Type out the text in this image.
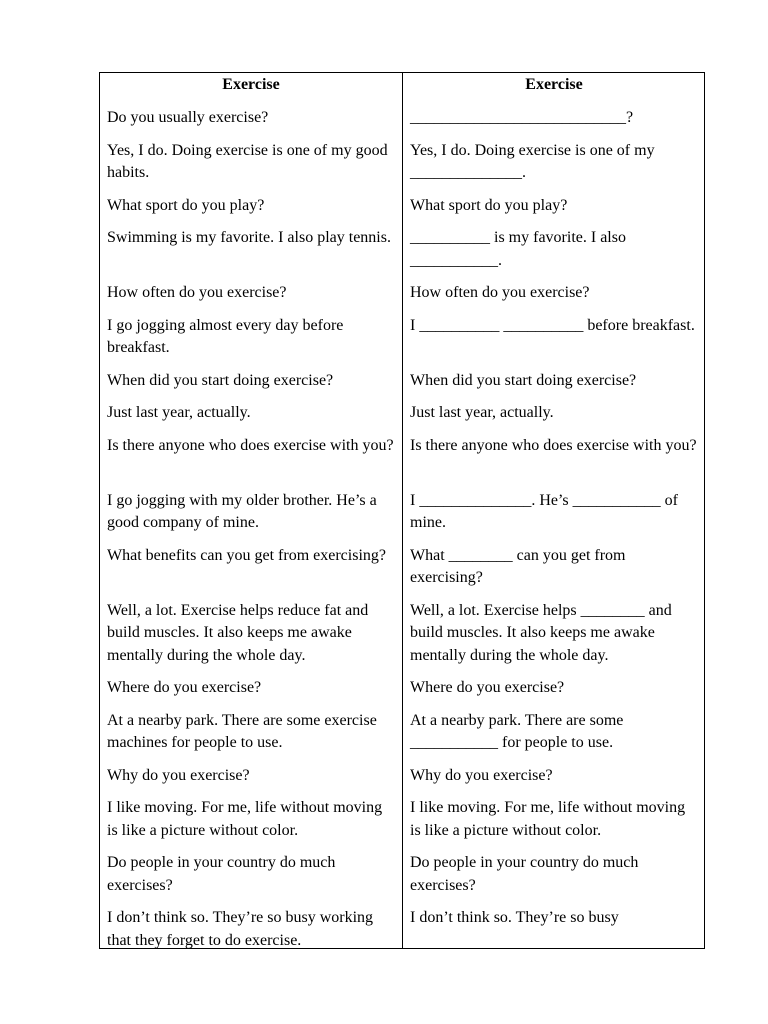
Exercise
Do you usually exercise?
Yes, I do. Doing exercise is one of my good habits.
What sport do you play?
Swimming is my favorite. I also play tennis.
How often do you exercise?
I go jogging almost every day before breakfast.
When did you start doing exercise?
Just last year, actually.
Is there anyone who does exercise with you?
I go jogging with my older brother. He’s a good company of mine.
What benefits can you get from exercising?
Well, a lot. Exercise helps reduce fat and build muscles. It also keeps me awake mentally during the whole day.
Where do you exercise?
At a nearby park. There are some exercise machines for people to use.
Why do you exercise?
I like moving. For me, life without moving is like a picture without color.
Do people in your country do much exercises?
I don’t think so. They’re so busy working that they forget to do exercise.
Exercise
___________________________?
Yes, I do. Doing exercise is one of my ______________.
What sport do you play?
__________ is my favorite. I also ___________.
How often do you exercise?
I __________ __________ before breakfast.
When did you start doing exercise?
Just last year, actually.
Is there anyone who does exercise with you?
I ______________. He’s ___________ of mine.
What ________ can you get from exercising?
Well, a lot. Exercise helps ________ and build muscles. It also keeps me awake mentally during the whole day.
Where do you exercise?
At a nearby park. There are some ___________ for people to use.
Why do you exercise?
I like moving. For me, life without moving is like a picture without color.
Do people in your country do much exercises?
I don’t think so. They’re so busy
